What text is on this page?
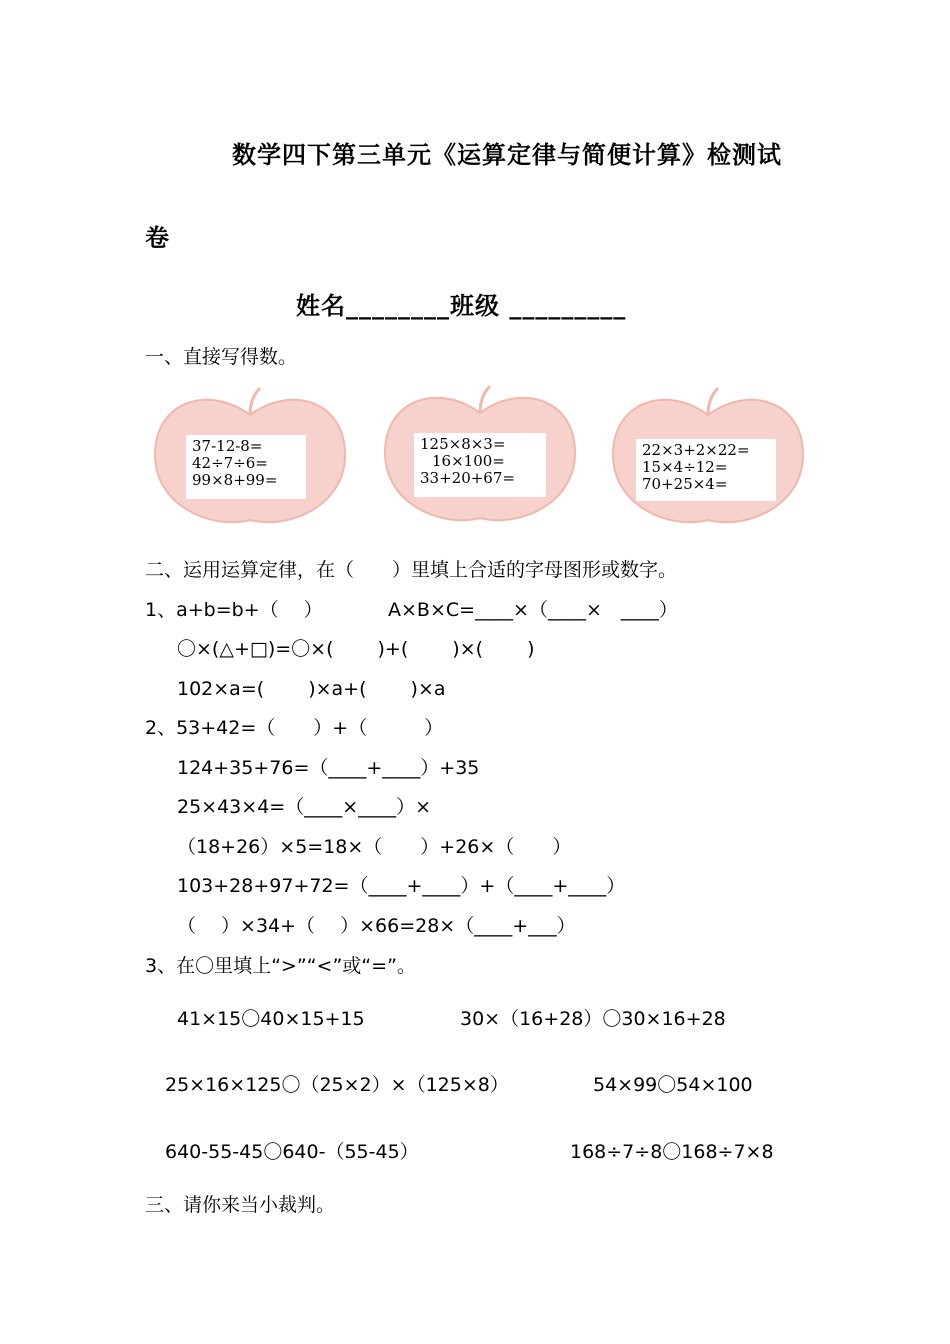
数学四下第三单元《运算定律与简便计算》检测试
卷
姓名________班级 _________
一、直接写得数。
37-12-8=
42÷7÷6=
99×8+99=
125×8×3=
16×100=
33+20+67=
22×3+2×22=
15×4÷12=
70+25×4=
二、运用运算定律，在（　　）里填上合适的字母图形或数字。
1、a+b=b+（　 ）	A×B×C=____×（____×　____）
〇×(△+□)=〇×(　　 )+(　　 )×(　　 )
102×a=(　　 )×a+(　　 )×a
2、53+42=（　　）+（　　　）
124+35+76=（____+____）+35
25×43×4=（____×____）×
（18+26）×5=18×（　　）+26×（　　）
103+28+97+72=（____+____）+（____+____）
（　 ）×34+（　 ）×66=28×（____+___）
3、在〇里填上“>”“<”或“=”。
41×15〇40×15+15	30×（16+28）〇30×16+28
25×16×125〇（25×2）×（125×8）	54×99〇54×100
640-55-45〇640-（55-45）	168÷7÷8〇168÷7×8
三、请你来当小裁判。
